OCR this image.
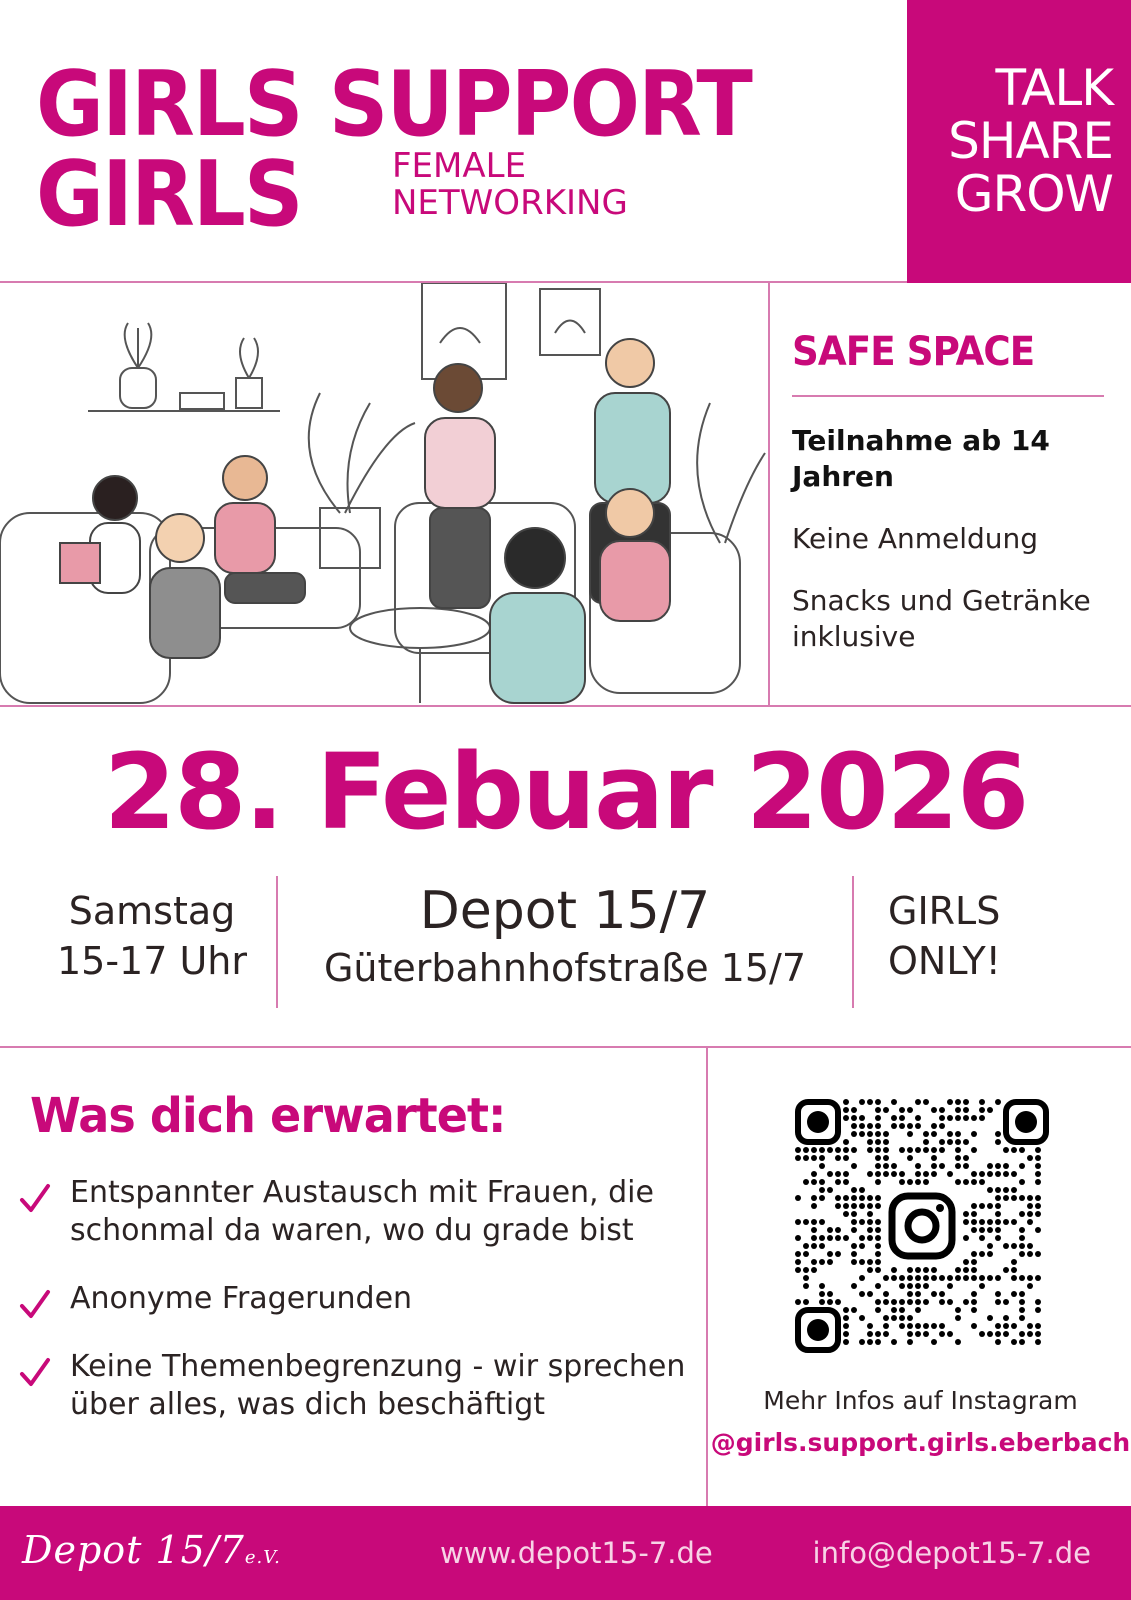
GIRLS SUPPORT
GIRLS	FEMALE
NETWORKING
TALK
SHARE
GROW
SAFE SPACE
Teilnahme ab 14 Jahren
Keine Anmeldung
Snacks und Getränke inklusive
28. Febuar 2026
Samstag
15-17 Uhr
Depot 15/7
Güterbahnhofstraße 15/7
GIRLS
ONLY!
Was dich erwartet:
Entspannter Austausch mit Frauen, die schonmal da waren, wo du grade bist
Anonyme Fragerunden
Keine Themenbegrenzung - wir sprechen über alles, was dich beschäftigt	Mehr Infos auf Instagram
@girls.support.girls.eberbach
Depot 15/7e.V.	www.depot15-7.de	info@depot15-7.de
